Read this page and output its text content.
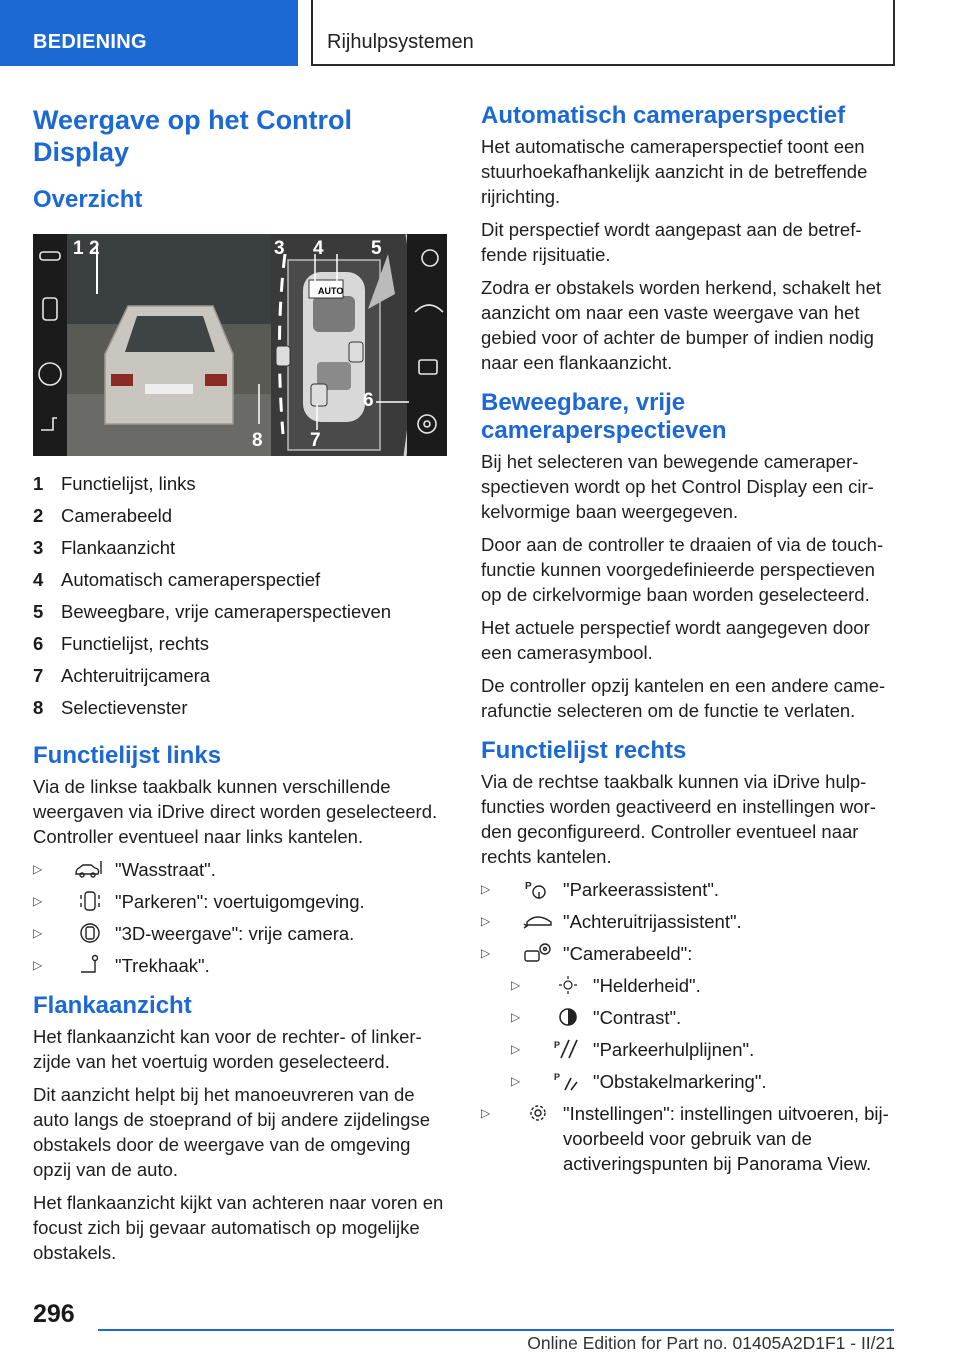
BEDIENING	Rijhulpsystemen
Weergave op het Control Display
Overzicht
AUTO
1 2	3 4 5
6
7
8
1 Functielijst, links
2 Camerabeeld
3 Flankaanzicht
4 Automatisch cameraperspectief
5 Beweegbare, vrije cameraperspectieven
6 Functielijst, rechts
7 Achteruitrijcamera
8 Selectievenster
Functielijst links

Via de linkse taakbalk kunnen verschillende weergaven via iDrive direct worden geselecteerd. Controller eventueel naar links kantelen.

▷	"Wasstraat".
▷	"Parkeren": voertuigomgeving.
▷	"3D-weergave": vrije camera.
▷	"Trekhaak".
Flankaanzicht

Het flankaanzicht kan voor de rechter- of linkerzijde van het voertuig worden geselecteerd.

Dit aanzicht helpt bij het manoeuvreren van de auto langs de stoeprand of bij andere zijdelingse obstakels door de weergave van de omgeving opzij van de auto.

Het flankaanzicht kijkt van achteren naar voren en focust zich bij gevaar automatisch op mogelijke obstakels.

Automatisch cameraperspectief

Het automatische cameraperspectief toont een stuurhoekafhankelijk aanzicht in de betreffende rijrichting.

Dit perspectief wordt aangepast aan de betreffende rijsituatie.

Zodra er obstakels worden herkend, schakelt het aanzicht om naar een vaste weergave van het gebied voor of achter de bumper of indien nodig naar een flankaanzicht.

Beweegbare, vrije cameraperspectieven

Bij het selecteren van bewegende cameraperspectieven wordt op het Control Display een cirkelvormige baan weergegeven.

Door aan de controller te draaien of via de touchfunctie kunnen voorgedefinieerde perspectieven op de cirkelvormige baan worden geselecteerd.

Het actuele perspectief wordt aangegeven door een camerasymbool.

De controller opzij kantelen en een andere camerafunctie selecteren om de functie te verlaten.

Functielijst rechts

Via de rechtse taakbalk kunnen via iDrive hulpfuncties worden geactiveerd en instellingen worden geconfigureerd. Controller eventueel naar rechts kantelen.

▷	P "Parkeerassistent".
▷	"Achteruitrijassistent".
▷	"Camerabeeld":
▷	"Helderheid".
▷	"Contrast".
▷	P "Parkeerhulplijnen".
▷	P "Obstakelmarkering".
▷	"Instellingen": instellingen uitvoeren, bijvoorbeeld voor gebruik van de activeringspunten bij Panorama View.
296
Online Edition for Part no. 01405A2D1F1 - II/21
